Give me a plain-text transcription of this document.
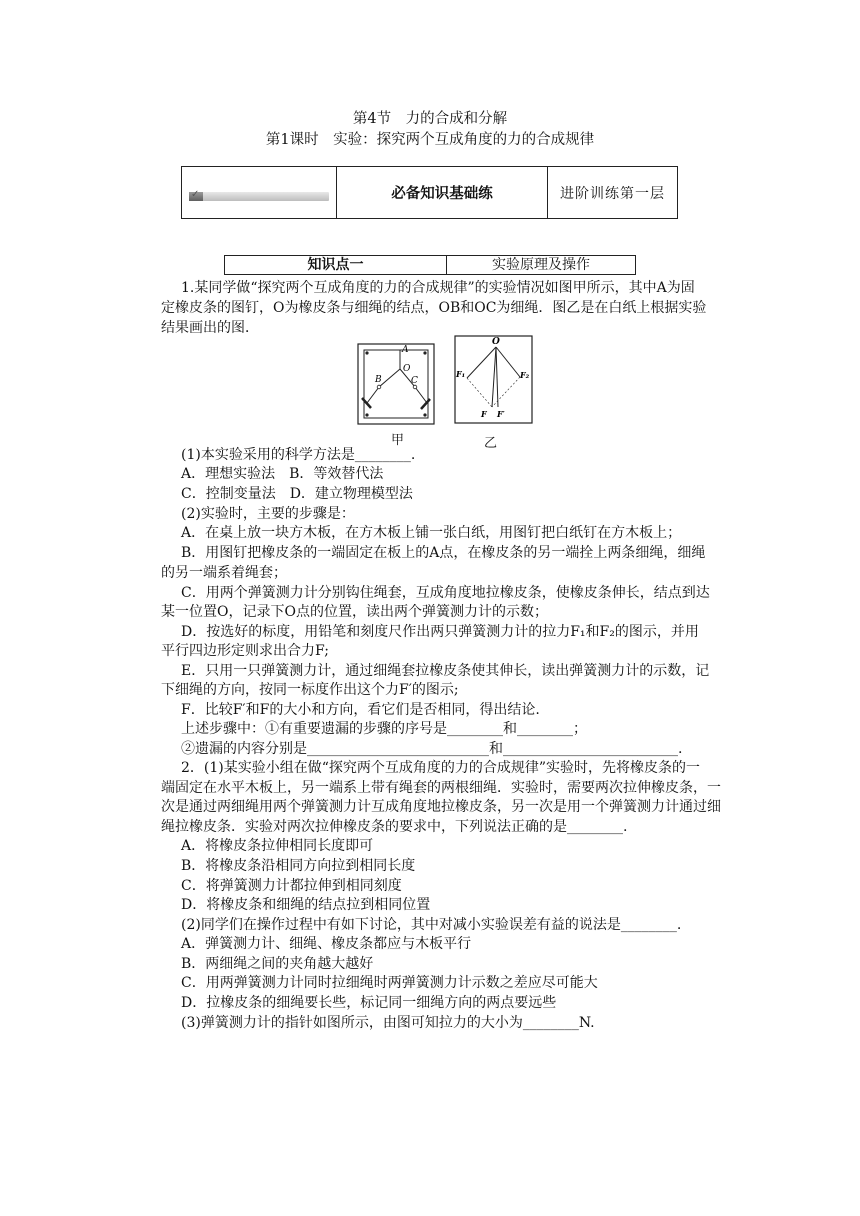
第4节　力的合成和分解
第1课时　实验：探究两个互成角度的力的合成规律
✓	必备知识基础练	进阶训练第一层
知识点一	实验原理及操作
1.某同学做“探究两个互成角度的力的合成规律”的实验情况如图甲所示，其中A为固
定橡皮条的图钉，O为橡皮条与细绳的结点，OB和OC为细绳．图乙是在白纸上根据实验
结果画出的图．
A
O
B	C
甲
O
F₁	F₂
F F′
乙
(1)本实验采用的科学方法是________.
A．理想实验法　B．等效替代法
C．控制变量法　D．建立物理模型法
(2)实验时，主要的步骤是：
A．在桌上放一块方木板，在方木板上铺一张白纸，用图钉把白纸钉在方木板上；
B．用图钉把橡皮条的一端固定在板上的A点，在橡皮条的另一端拴上两条细绳，细绳
的另一端系着绳套；
C．用两个弹簧测力计分别钩住绳套，互成角度地拉橡皮条，使橡皮条伸长，结点到达
某一位置O，记录下O点的位置，读出两个弹簧测力计的示数；
D．按选好的标度，用铅笔和刻度尺作出两只弹簧测力计的拉力F₁和F₂的图示，并用
平行四边形定则求出合力F;
E．只用一只弹簧测力计，通过细绳套拉橡皮条使其伸长，读出弹簧测力计的示数，记
下细绳的方向，按同一标度作出这个力F′的图示;
F．比较F′和F的大小和方向，看它们是否相同，得出结论.
上述步骤中：①有重要遗漏的步骤的序号是________和________；
②遗漏的内容分别是__________________________和_________________________.
2．(1)某实验小组在做“探究两个互成角度的力的合成规律”实验时，先将橡皮条的一
端固定在水平木板上，另一端系上带有绳套的两根细绳．实验时，需要两次拉伸橡皮条，一
次是通过两细绳用两个弹簧测力计互成角度地拉橡皮条，另一次是用一个弹簧测力计通过细
绳拉橡皮条．实验对两次拉伸橡皮条的要求中，下列说法正确的是________.
A．将橡皮条拉伸相同长度即可
B．将橡皮条沿相同方向拉到相同长度
C．将弹簧测力计都拉伸到相同刻度
D．将橡皮条和细绳的结点拉到相同位置
(2)同学们在操作过程中有如下讨论，其中对减小实验误差有益的说法是________.
A．弹簧测力计、细绳、橡皮条都应与木板平行
B．两细绳之间的夹角越大越好
C．用两弹簧测力计同时拉细绳时两弹簧测力计示数之差应尽可能大
D．拉橡皮条的细绳要长些，标记同一细绳方向的两点要远些
(3)弹簧测力计的指针如图所示，由图可知拉力的大小为________N.
